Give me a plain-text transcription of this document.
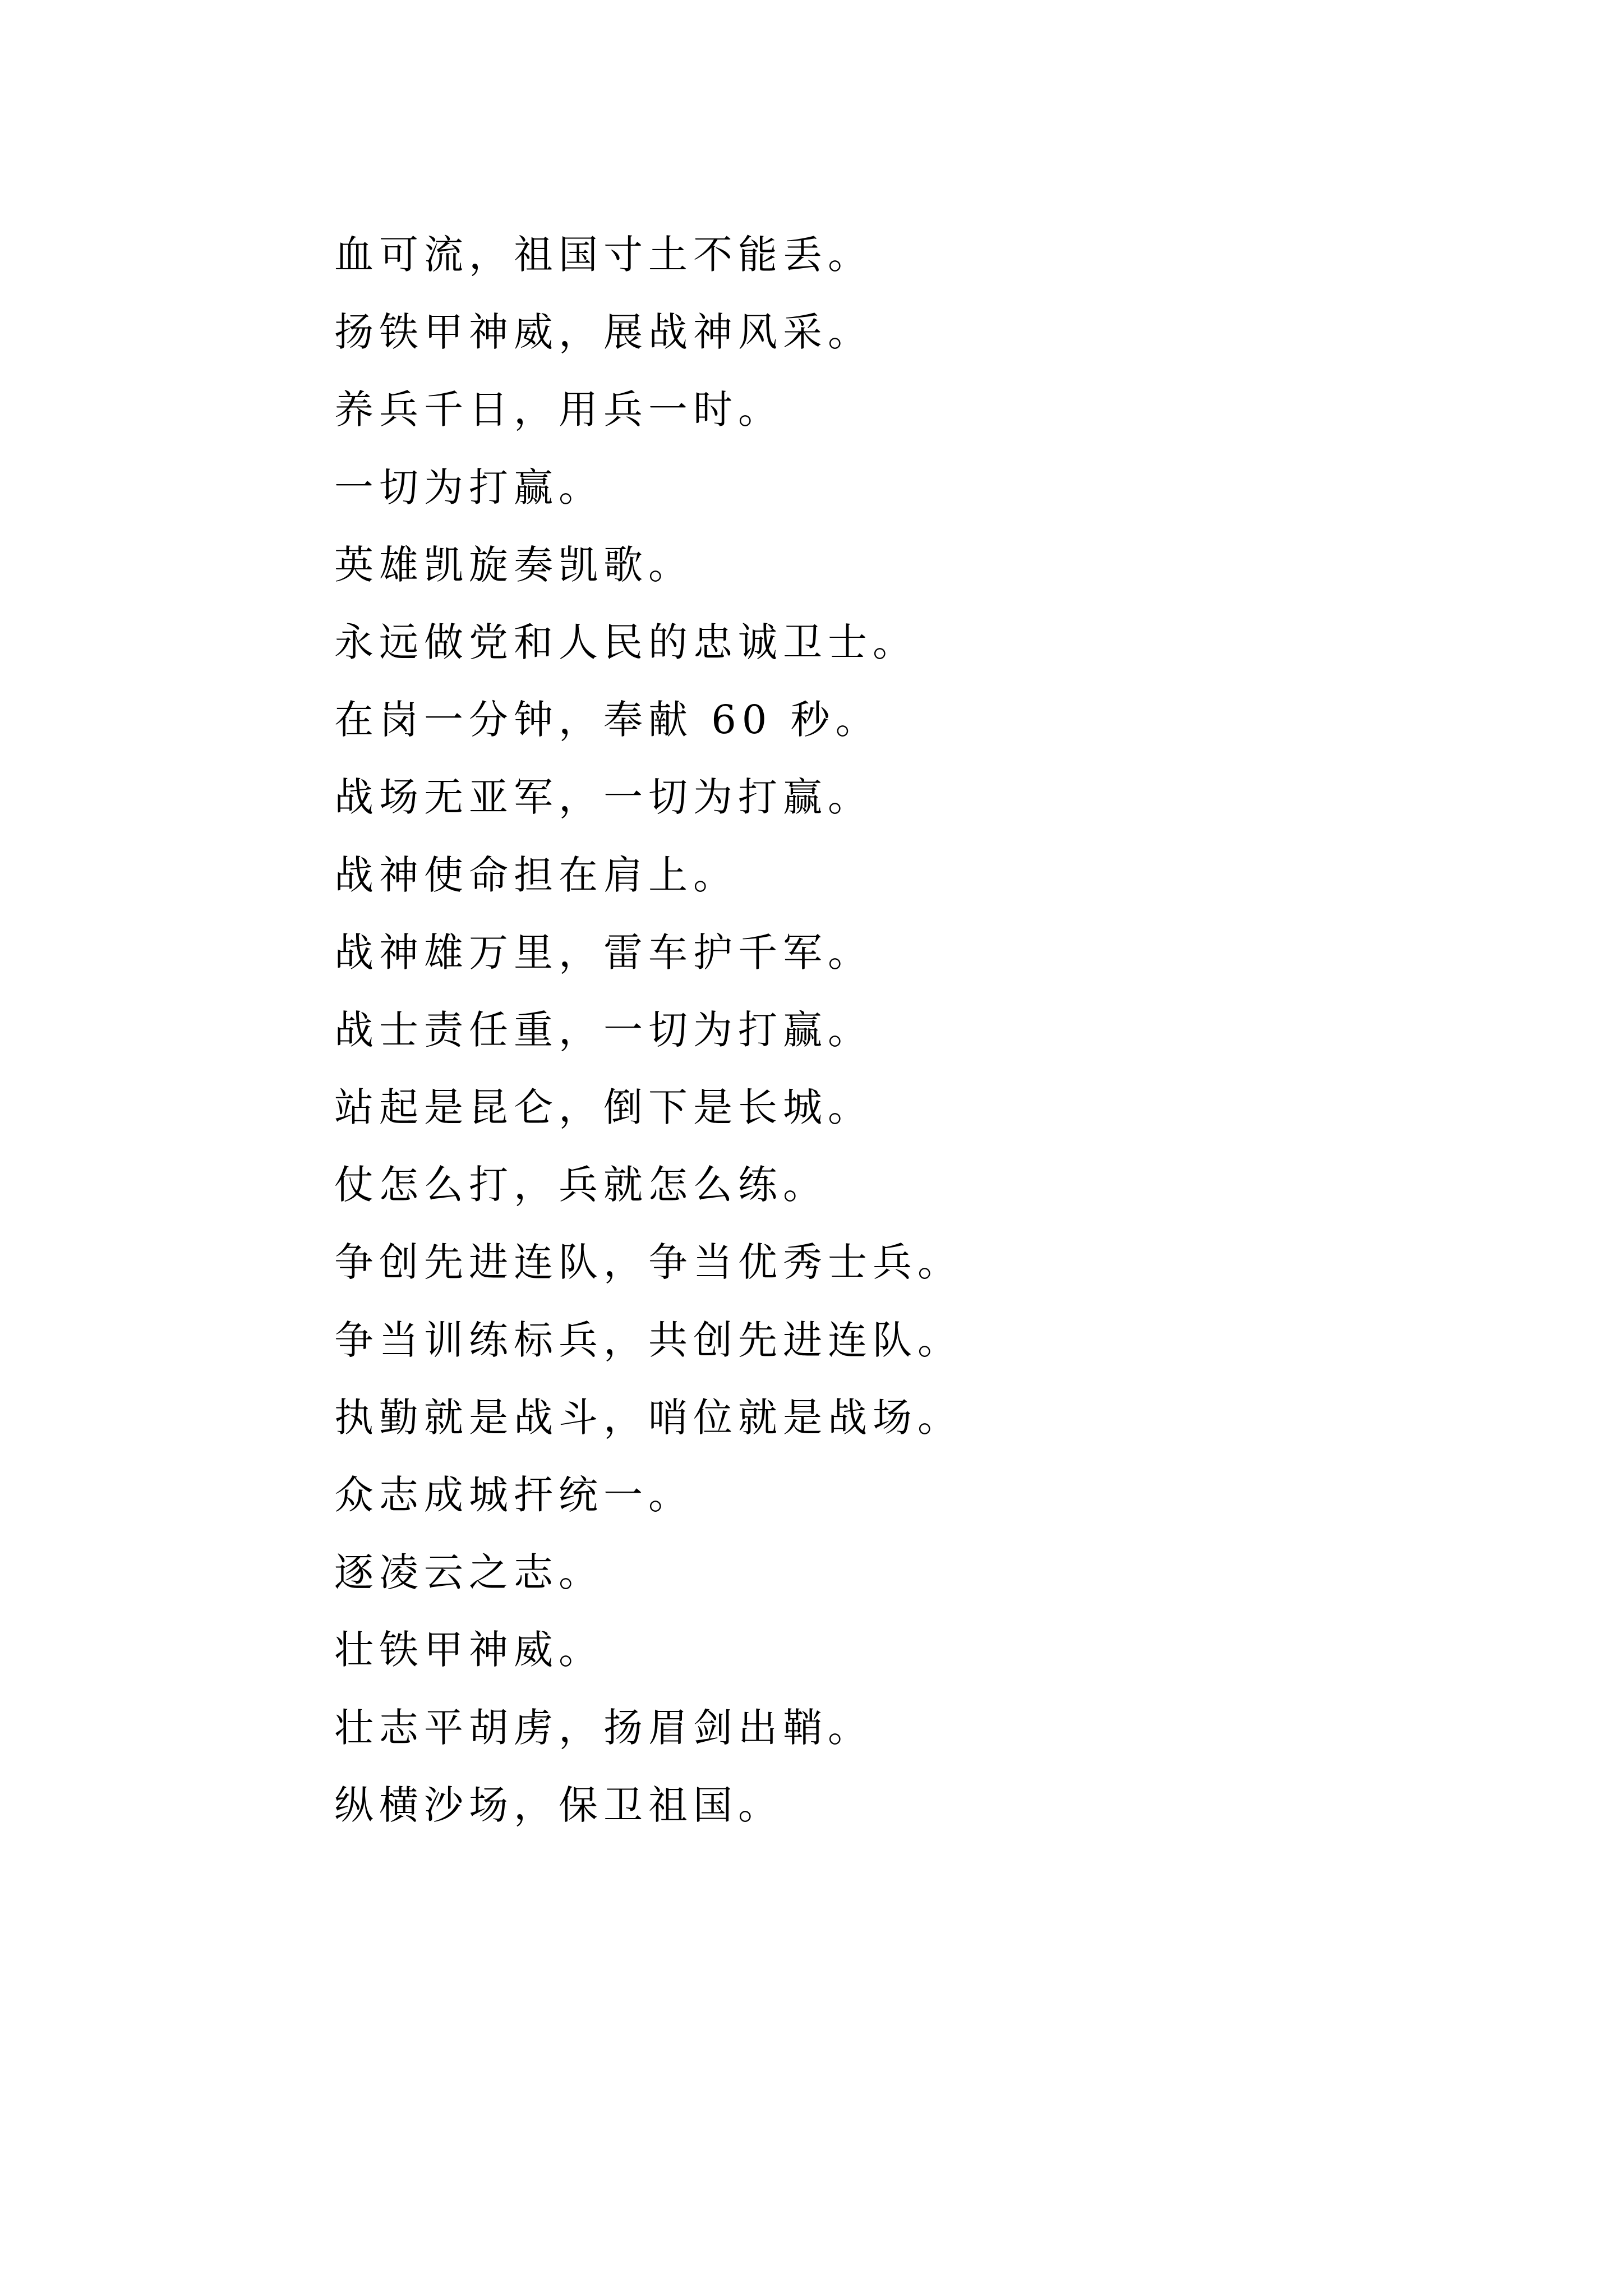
血可流，祖国寸土不能丢。
扬铁甲神威，展战神风采。
养兵千日，用兵一时。
一切为打赢。
英雄凯旋奏凯歌。
永远做党和人民的忠诚卫士。
在岗一分钟，奉献 60 秒。
战场无亚军，一切为打赢。
战神使命担在肩上。
战神雄万里，雷车护千军。
战士责任重，一切为打赢。
站起是昆仑，倒下是长城。
仗怎么打，兵就怎么练。
争创先进连队，争当优秀士兵。
争当训练标兵，共创先进连队。
执勤就是战斗，哨位就是战场。
众志成城扞统一。
逐凌云之志。
壮铁甲神威。
壮志平胡虏，扬眉剑出鞘。
纵横沙场，保卫祖国。
